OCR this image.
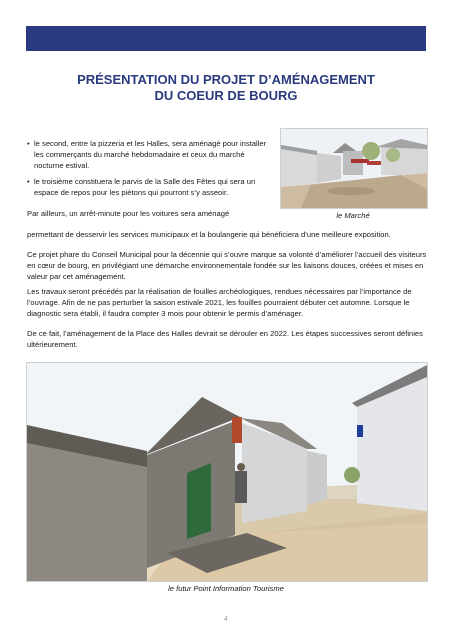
PRÉSENTATION DU PROJET D’AMÉNAGEMENT
DU COEUR DE BOURG
• le second, entre la pizzeria et les Halles, sera aménagé pour installer les commerçants du marché hebdomadaire et ceux du marché nocturne estival.
• le troisième constituera le parvis de la Salle des Fêtes qui sera un espace de repos pour les piétons qui pourront s’y asseoir.
Par ailleurs, un arrêt-minute pour les voitures sera aménagé
permettant de desservir les services municipaux et la boulangerie qui bénéficiera d’une meilleure exposition.
Ce projet phare du Conseil Municipal pour la décennie qui s’ouvre marque sa volonté d’améliorer l’accueil des visiteurs en cœur de bourg, en privilégiant une démarche environnementale fondée sur les liaisons douces, créées et mises en valeur par cet aménagement.
Les travaux seront précédés par la réalisation de fouilles archéologiques, rendues nécessaires par l’importance de l’ouvrage. Afin de ne pas perturber la saison estivale 2021, les fouilles pourraient débuter cet automne. Lorsque le diagnostic sera établi, il faudra compter 3 mois pour obtenir le permis d’aménager.
De ce fait, l’aménagement de la Place des Halles devrait se dérouler en 2022. Les étapes successives seront définies ultérieurement.
le Marché
le futur Point Information Tourisme
4
